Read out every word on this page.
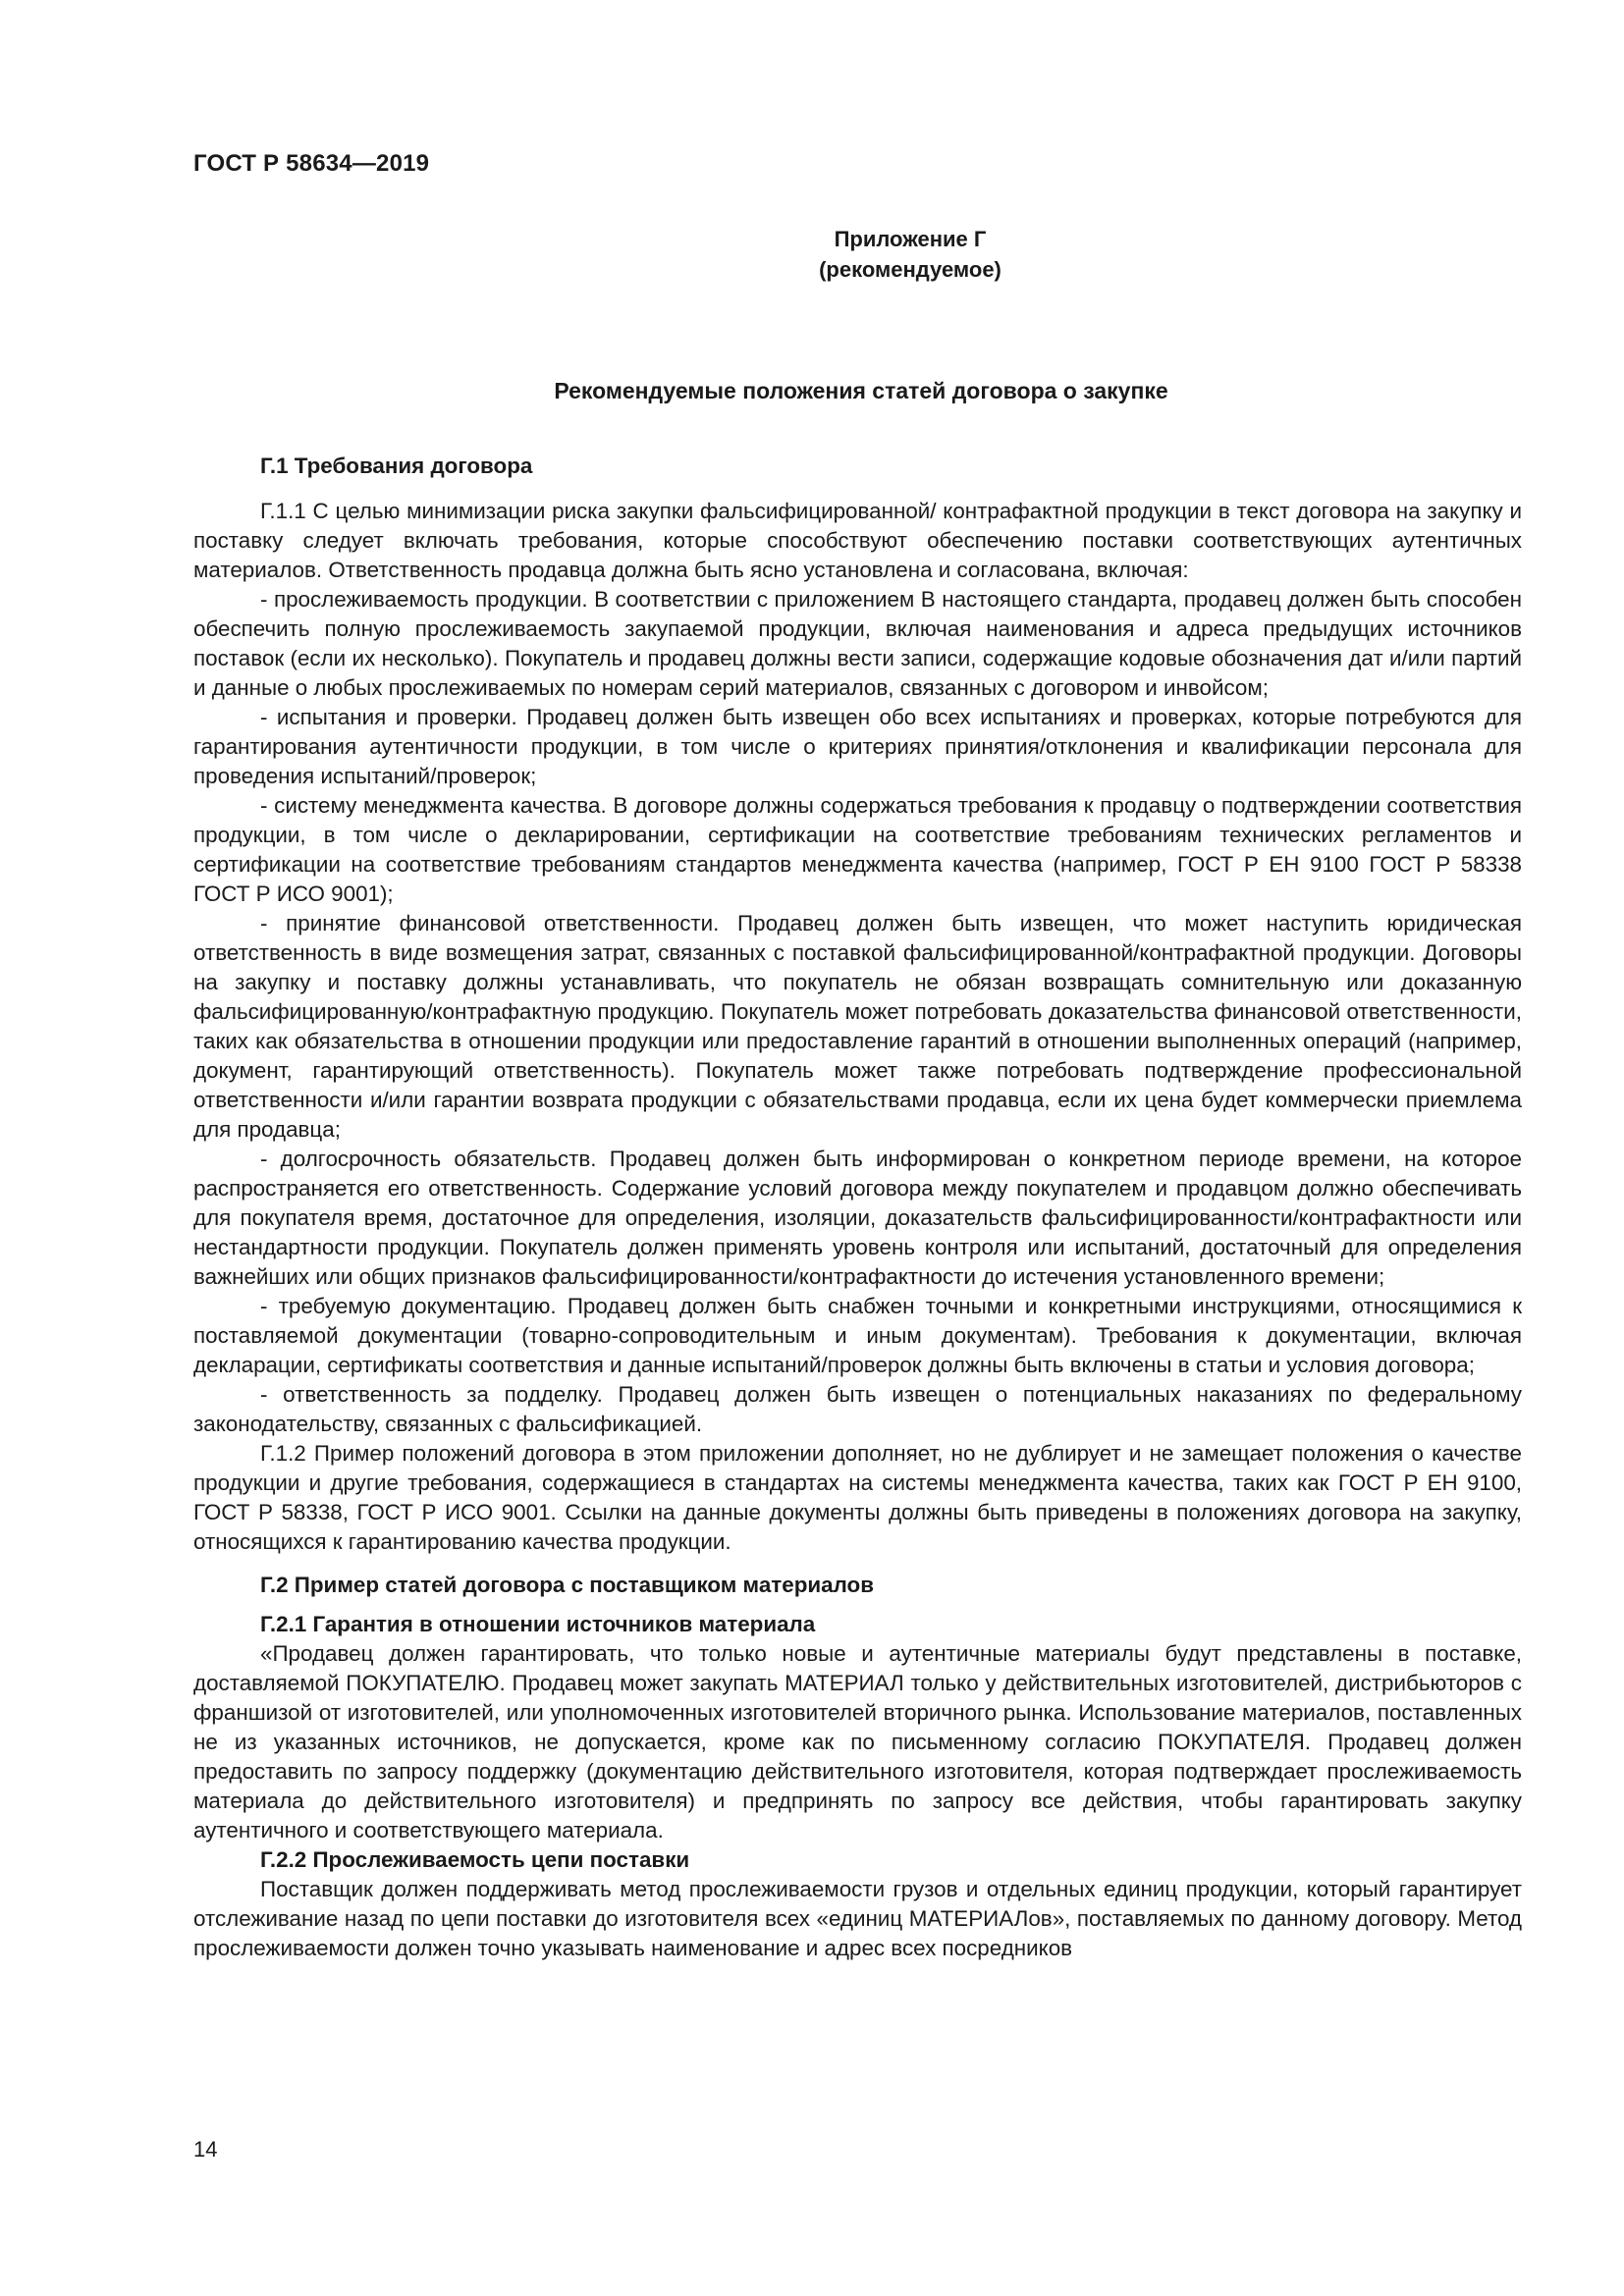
ГОСТ Р 58634—2019
Приложение Г
(рекомендуемое)
Рекомендуемые положения статей договора о закупке

Г.1 Требования договора

Г.1.1 С целью минимизации риска закупки фальсифицированной/ контрафактной продукции в текст договора на закупку и поставку следует включать требования, которые способствуют обеспечению поставки соответствующих аутентичных материалов. Ответственность продавца должна быть ясно установлена и согласована, включая:

- прослеживаемость продукции. В соответствии с приложением В настоящего стандарта, продавец должен быть способен обеспечить полную прослеживаемость закупаемой продукции, включая наименования и адреса предыдущих источников поставок (если их несколько). Покупатель и продавец должны вести записи, содержащие кодовые обозначения дат и/или партий и данные о любых прослеживаемых по номерам серий материалов, связанных с договором и инвойсом;

- испытания и проверки. Продавец должен быть извещен обо всех испытаниях и проверках, которые потребуются для гарантирования аутентичности продукции, в том числе о критериях принятия/отклонения и квалификации персонала для проведения испытаний/проверок;

- систему менеджмента качества. В договоре должны содержаться требования к продавцу о подтверждении соответствия продукции, в том числе о декларировании, сертификации на соответствие требованиям технических регламентов и сертификации на соответствие требованиям стандартов менеджмента качества (например, ГОСТ Р ЕН 9100 ГОСТ Р 58338 ГОСТ Р ИСО 9001);

- принятие финансовой ответственности. Продавец должен быть извещен, что может наступить юридическая ответственность в виде возмещения затрат, связанных с поставкой фальсифицированной/контрафактной продукции. Договоры на закупку и поставку должны устанавливать, что покупатель не обязан возвращать сомнительную или доказанную фальсифицированную/контрафактную продукцию. Покупатель может потребовать доказательства финансовой ответственности, таких как обязательства в отношении продукции или предоставление гарантий в отношении выполненных операций (например, документ, гарантирующий ответственность). Покупатель может также потребовать подтверждение профессиональной ответственности и/или гарантии возврата продукции с обязательствами продавца, если их цена будет коммерчески приемлема для продавца;

- долгосрочность обязательств. Продавец должен быть информирован о конкретном периоде времени, на которое распространяется его ответственность. Содержание условий договора между покупателем и продавцом должно обеспечивать для покупателя время, достаточное для определения, изоляции, доказательств фальсифицированности/контрафактности или нестандартности продукции. Покупатель должен применять уровень контроля или испытаний, достаточный для определения важнейших или общих признаков фальсифицированности/контрафактности до истечения установленного времени;

- требуемую документацию. Продавец должен быть снабжен точными и конкретными инструкциями, относящимися к поставляемой документации (товарно-сопроводительным и иным документам). Требования к документации, включая декларации, сертификаты соответствия и данные испытаний/проверок должны быть включены в статьи и условия договора;

- ответственность за подделку. Продавец должен быть извещен о потенциальных наказаниях по федеральному законодательству, связанных с фальсификацией.

Г.1.2 Пример положений договора в этом приложении дополняет, но не дублирует и не замещает положения о качестве продукции и другие требования, содержащиеся в стандартах на системы менеджмента качества, таких как ГОСТ Р ЕН 9100, ГОСТ Р 58338, ГОСТ Р ИСО 9001. Ссылки на данные документы должны быть приведены в положениях договора на закупку, относящихся к гарантированию качества продукции.

Г.2 Пример статей договора с поставщиком материалов

Г.2.1 Гарантия в отношении источников материала

«Продавец должен гарантировать, что только новые и аутентичные материалы будут представлены в поставке, доставляемой ПОКУПАТЕЛЮ. Продавец может закупать МАТЕРИАЛ только у действительных изготовителей, дистрибьюторов с франшизой от изготовителей, или уполномоченных изготовителей вторичного рынка. Использование материалов, поставленных не из указанных источников, не допускается, кроме как по письменному согласию ПОКУПАТЕЛЯ. Продавец должен предоставить по запросу поддержку (документацию действительного изготовителя, которая подтверждает прослеживаемость материала до действительного изготовителя) и предпринять по запросу все действия, чтобы гарантировать закупку аутентичного и соответствующего материала.

Г.2.2 Прослеживаемость цепи поставки

Поставщик должен поддерживать метод прослеживаемости грузов и отдельных единиц продукции, который гарантирует отслеживание назад по цепи поставки до изготовителя всех «единиц МАТЕРИАЛов», поставляемых по данному договору. Метод прослеживаемости должен точно указывать наименование и адрес всех посредников

14
